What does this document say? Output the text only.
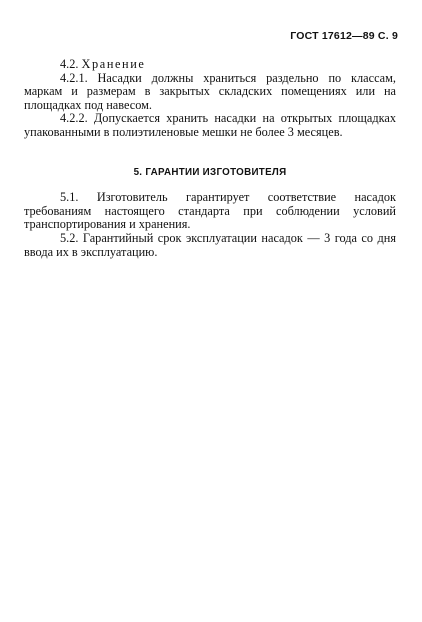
ГОСТ 17612—89 С. 9

4.2. Хранение

4.2.1. Насадки должны храниться раздельно по классам, маркам и размерам в закрытых складских помещениях или на площадках под навесом.

4.2.2. Допускается хранить насадки на открытых площадках упакованными в полиэтиленовые мешки не более 3 месяцев.

5. ГАРАНТИИ ИЗГОТОВИТЕЛЯ

5.1. Изготовитель гарантирует соответствие насадок требованиям настоящего стандарта при соблюдении условий транспортирования и хранения.

5.2. Гарантийный срок эксплуатации насадок — 3 года со дня ввода их в эксплуатацию.
